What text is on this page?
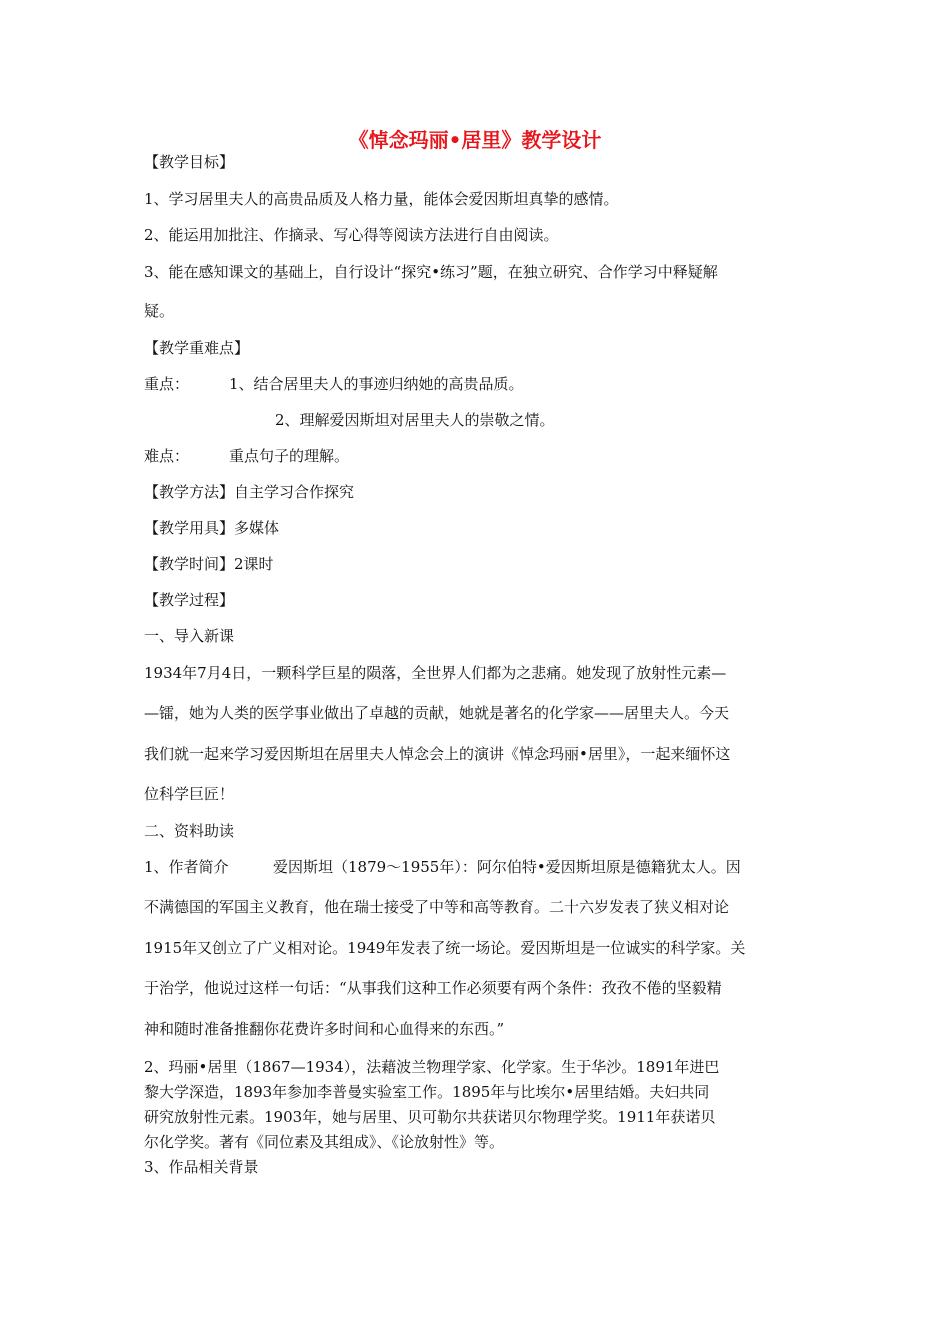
《悼念玛丽•居里》教学设计
【教学目标】
1、学习居里夫人的高贵品质及人格力量，能体会爱因斯坦真挚的感情。
2、能运用加批注、作摘录、写心得等阅读方法进行自由阅读。
3、能在感知课文的基础上，自行设计“探究•练习”题，在独立研究、合作学习中释疑解
疑。
【教学重难点】
重点：	1、结合居里夫人的事迹归纳她的高贵品质。
2、理解爱因斯坦对居里夫人的崇敬之情。
难点：	重点句子的理解。
【教学方法】自主学习合作探究
【教学用具】多媒体
【教学时间】2课时
【教学过程】
一、导入新课
1934年7月4日，一颗科学巨星的陨落，全世界人们都为之悲痛。她发现了放射性元素—
—镭，她为人类的医学事业做出了卓越的贡献，她就是著名的化学家——居里夫人。今天
我们就一起来学习爱因斯坦在居里夫人悼念会上的演讲《悼念玛丽•居里》，一起来缅怀这
位科学巨匠！
二、资料助读
1、作者简介	爱因斯坦（1879～1955年）：阿尔伯特•爱因斯坦原是德籍犹太人。因
不满德国的军国主义教育，他在瑞士接受了中等和高等教育。二十六岁发表了狭义相对论
1915年又创立了广义相对论。1949年发表了统一场论。爱因斯坦是一位诚实的科学家。关
于治学，他说过这样一句话：“从事我们这种工作必须要有两个条件：孜孜不倦的坚毅精
神和随时准备推翻你花费许多时间和心血得来的东西。”
2、玛丽•居里（1867—1934），法藉波兰物理学家、化学家。生于华沙。1891年进巴
黎大学深造，1893年参加李普曼实验室工作。1895年与比埃尔•居里结婚。夫妇共同
研究放射性元素。1903年，她与居里、贝可勒尔共获诺贝尔物理学奖。1911年获诺贝
尔化学奖。著有《同位素及其组成》、《论放射性》等。
3、作品相关背景
